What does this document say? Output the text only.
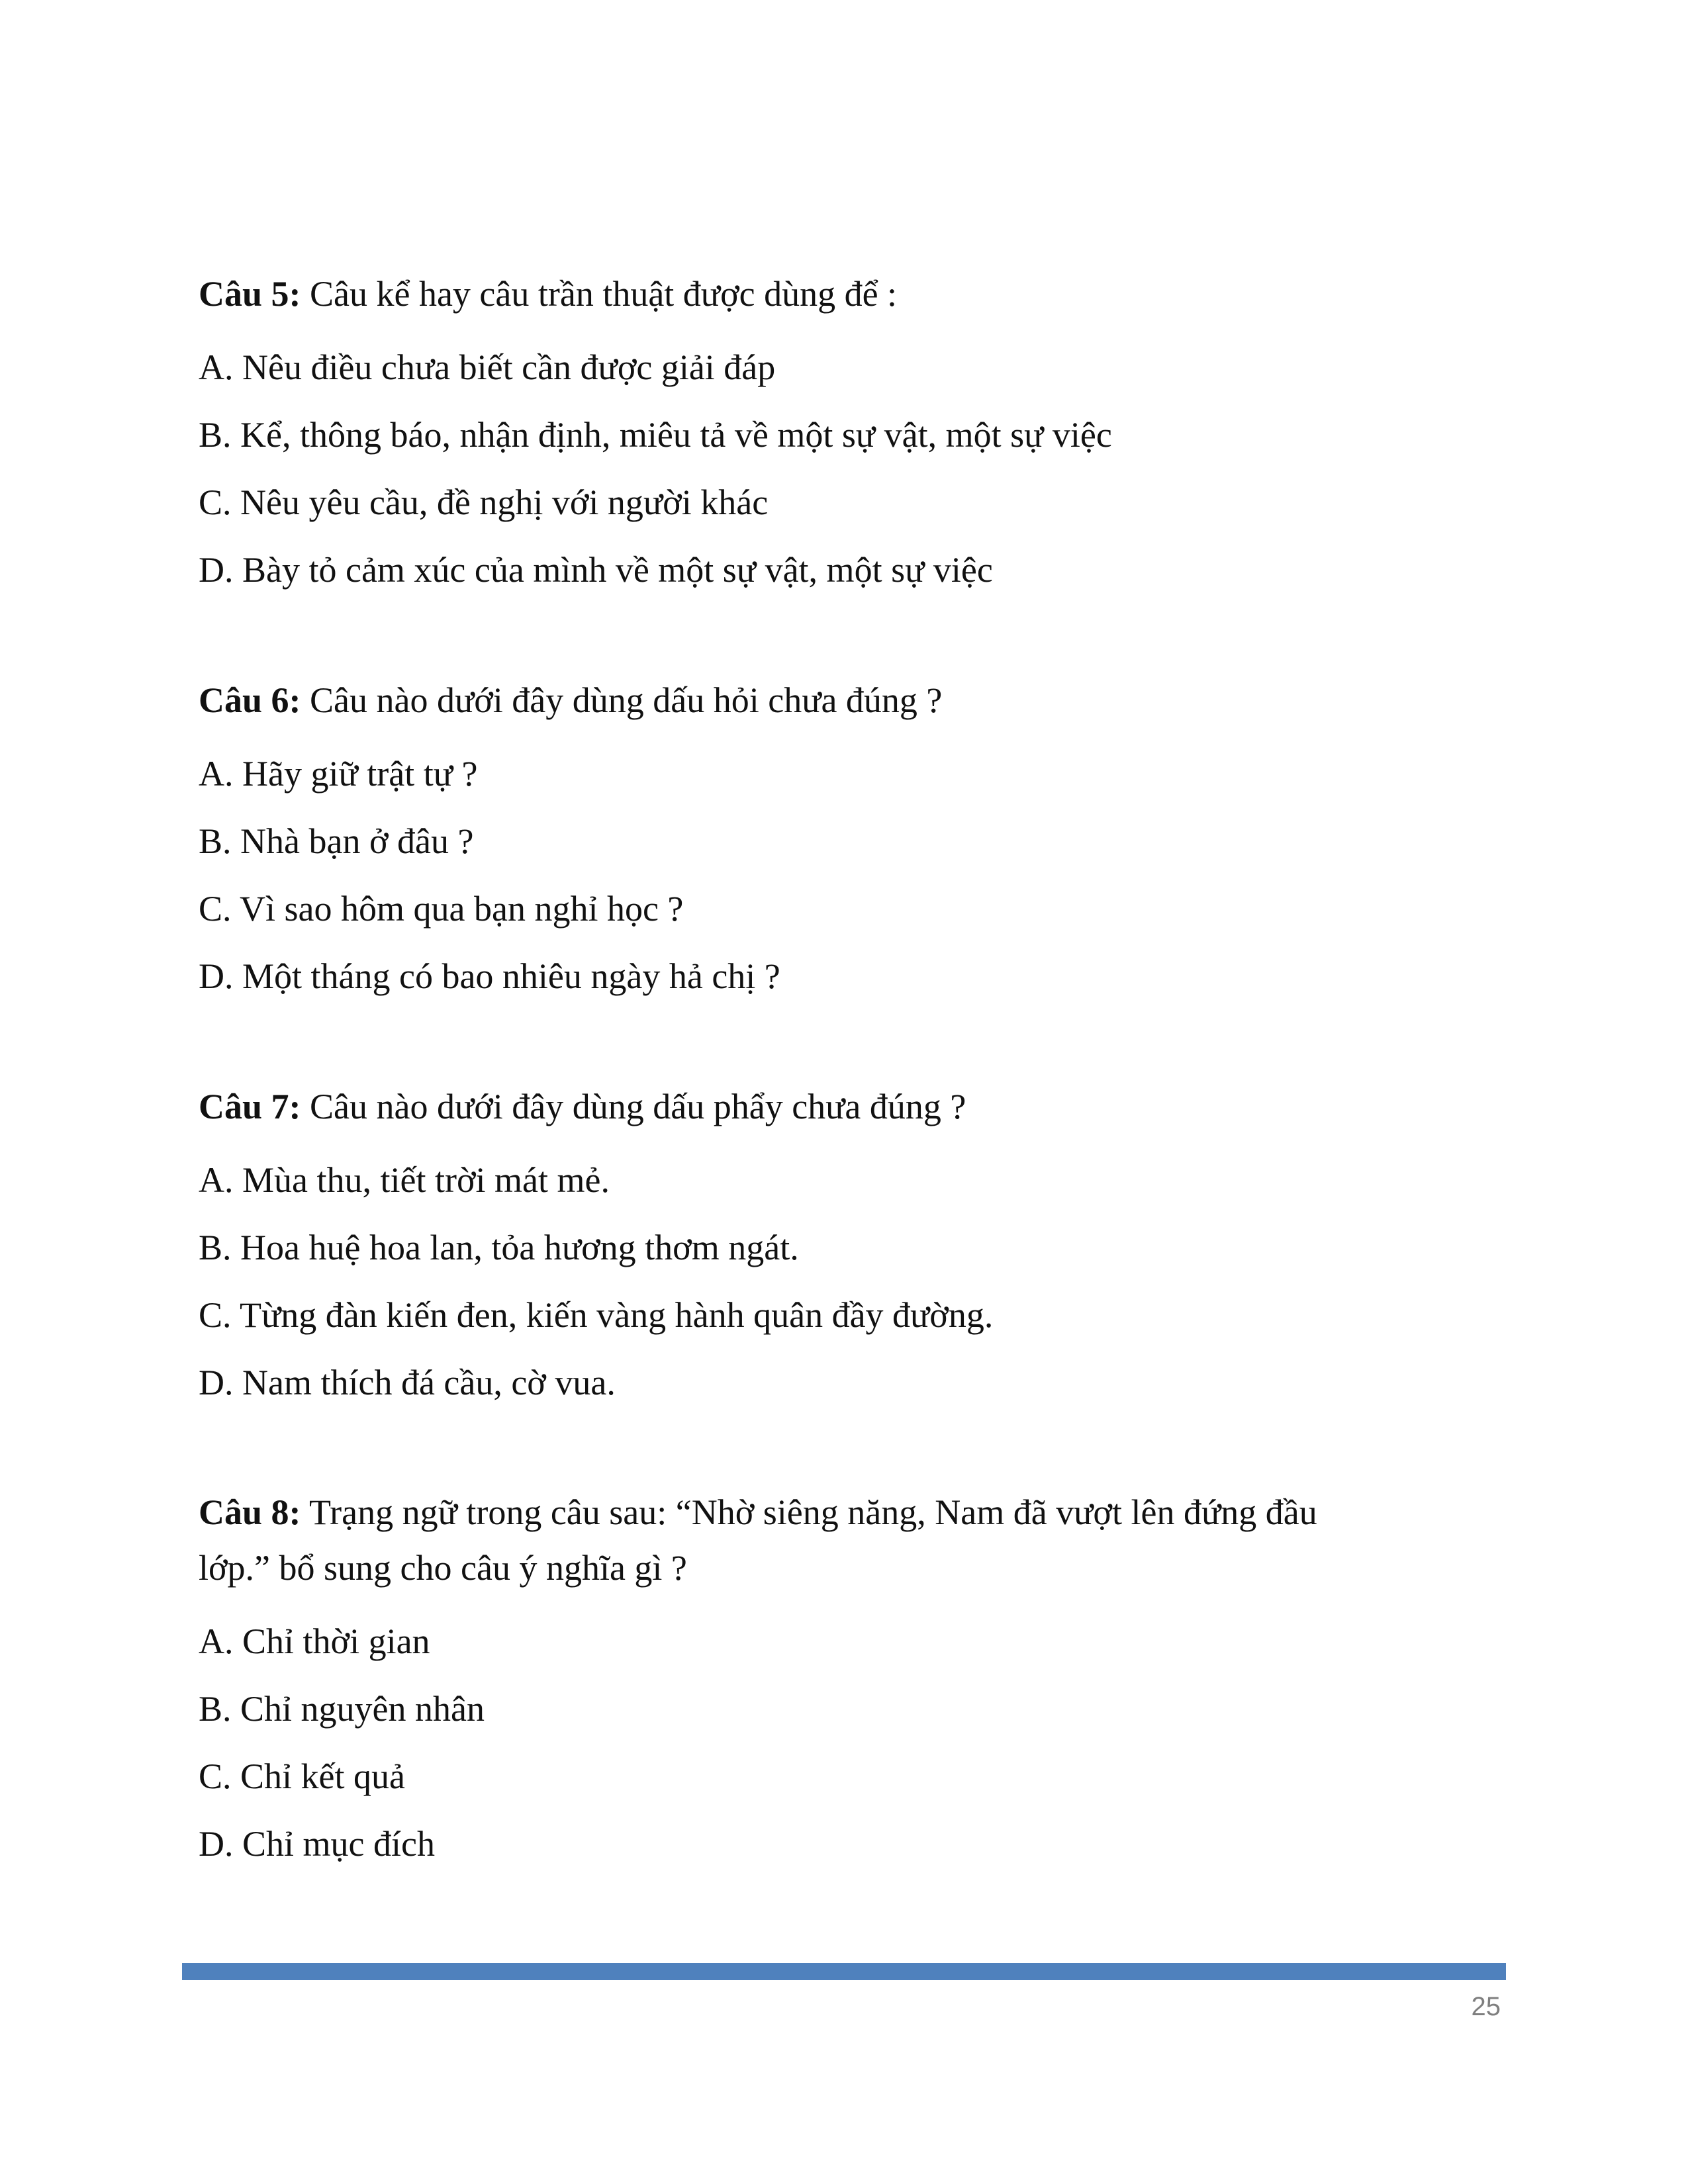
Câu 5: Câu kể hay câu trần thuật được dùng để :

A. Nêu điều chưa biết cần được giải đáp

B. Kể, thông báo, nhận định, miêu tả về một sự vật, một sự việc

C. Nêu yêu cầu, đề nghị với người khác

D. Bày tỏ cảm xúc của mình về một sự vật, một sự việc

Câu 6: Câu nào dưới đây dùng dấu hỏi chưa đúng ?

A. Hãy giữ trật tự ?

B. Nhà bạn ở đâu ?

C. Vì sao hôm qua bạn nghỉ học ?

D. Một tháng có bao nhiêu ngày hả chị ?

Câu 7: Câu nào dưới đây dùng dấu phẩy chưa đúng ?

A. Mùa thu, tiết trời mát mẻ.

B. Hoa huệ hoa lan, tỏa hương thơm ngát.

C. Từng đàn kiến đen, kiến vàng hành quân đầy đường.

D. Nam thích đá cầu, cờ vua.

Câu 8: Trạng ngữ trong câu sau: “Nhờ siêng năng, Nam đã vượt lên đứng đầu

lớp.” bổ sung cho câu ý nghĩa gì ?

A. Chỉ thời gian

B. Chỉ nguyên nhân

C. Chỉ kết quả

D. Chỉ mục đích

25
